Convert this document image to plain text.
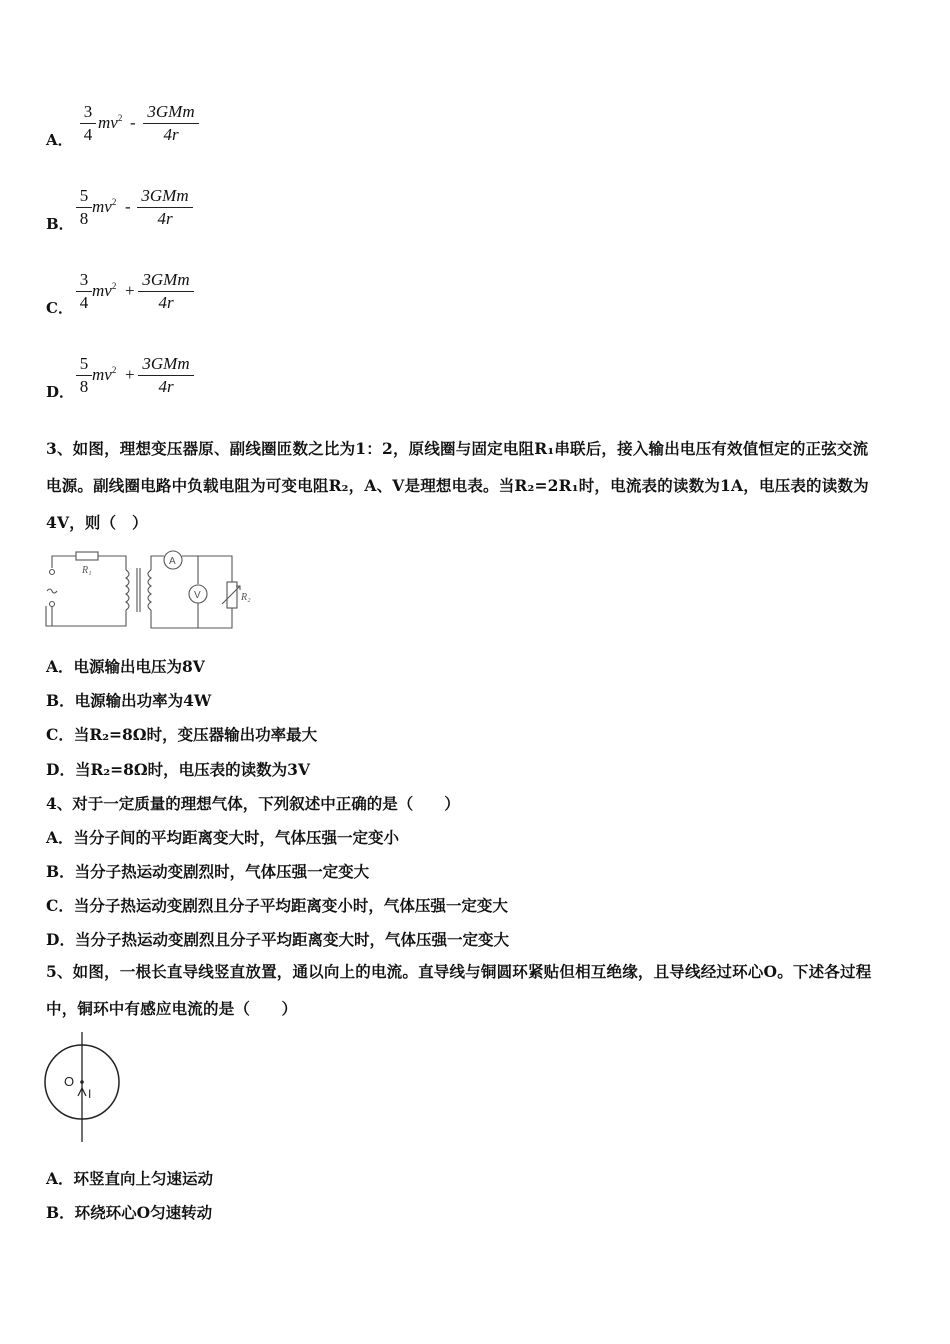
A．
3
4
$mv^2$ -
3GMm
4r
B．
5
8
$mv^2$ -
3GMm
4r
C．
3
4
$mv^2$ +
3GMm
4r
D．
5
8
$mv^2$ +
3GMm
4r
3、如图，理想变压器原、副线圈匝数之比为1：2，原线圈与固定电阻R₁串联后，接入输出电压有效值恒定的正弦交流
电源。副线圈电路中负载电阻为可变电阻R₂，A、V是理想电表。当R₂=2R₁时，电流表的读数为1A，电压表的读数为
4V，则（　）
R₁
A
V	R₂
A．电源输出电压为8V
B．电源输出功率为4W
C．当R₂=8Ω时，变压器输出功率最大
D．当R₂=8Ω时，电压表的读数为3V
4、对于一定质量的理想气体，下列叙述中正确的是（　　）
A．当分子间的平均距离变大时，气体压强一定变小
B．当分子热运动变剧烈时，气体压强一定变大
C．当分子热运动变剧烈且分子平均距离变小时，气体压强一定变大
D．当分子热运动变剧烈且分子平均距离变大时，气体压强一定变大
5、如图，一根长直导线竖直放置，通以向上的电流。直导线与铜圆环紧贴但相互绝缘，且导线经过环心O。下述各过程
中，铜环中有感应电流的是（　　）
O
I
A．环竖直向上匀速运动
B．环绕环心O匀速转动
